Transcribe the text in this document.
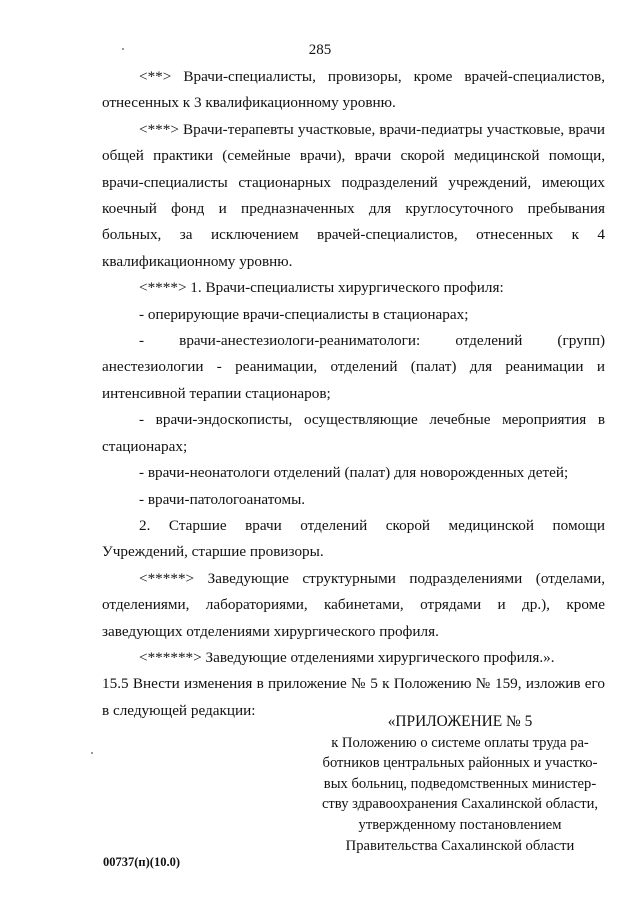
285

<**> Врачи-специалисты, провизоры, кроме врачей-специалистов, отнесенных к 3 квалификационному уровню.

<***> Врачи-терапевты участковые, врачи-педиатры участковые, врачи общей практики (семейные врачи), врачи скорой медицинской помощи, врачи-специалисты стационарных подразделений учреждений, имеющих коечный фонд и предназначенных для круглосуточного пребывания больных, за исключением врачей-специалистов, отнесенных к 4 квалификационному уровню.

<****> 1. Врачи-специалисты хирургического профиля:

- оперирующие врачи-специалисты в стационарах;

- врачи-анестезиологи-реаниматологи: отделений (групп) анестезиологии - реанимации, отделений (палат) для реанимации и интенсивной терапии стационаров;

- врачи-эндоскописты, осуществляющие лечебные мероприятия в стационарах;

- врачи-неонатологи отделений (палат) для новорожденных детей;

- врачи-патологоанатомы.

2. Старшие врачи отделений скорой медицинской помощи Учреждений, старшие провизоры.

<*****> Заведующие структурными подразделениями (отделами, отделениями, лабораториями, кабинетами, отрядами и др.), кроме заведующих отделениями хирургического профиля.

<******> Заведующие отделениями хирургического профиля.».

15.5 Внести изменения в приложение № 5 к Положению № 159, изложив его в следующей редакции:

«ПРИЛОЖЕНИЕ № 5
к Положению о системе оплаты труда ра-
ботников центральных районных и участко-
вых больниц, подведомственных министер-
ству здравоохранения Сахалинской области,
утвержденному постановлением
Правительства Сахалинской области
00737(п)(10.0)
